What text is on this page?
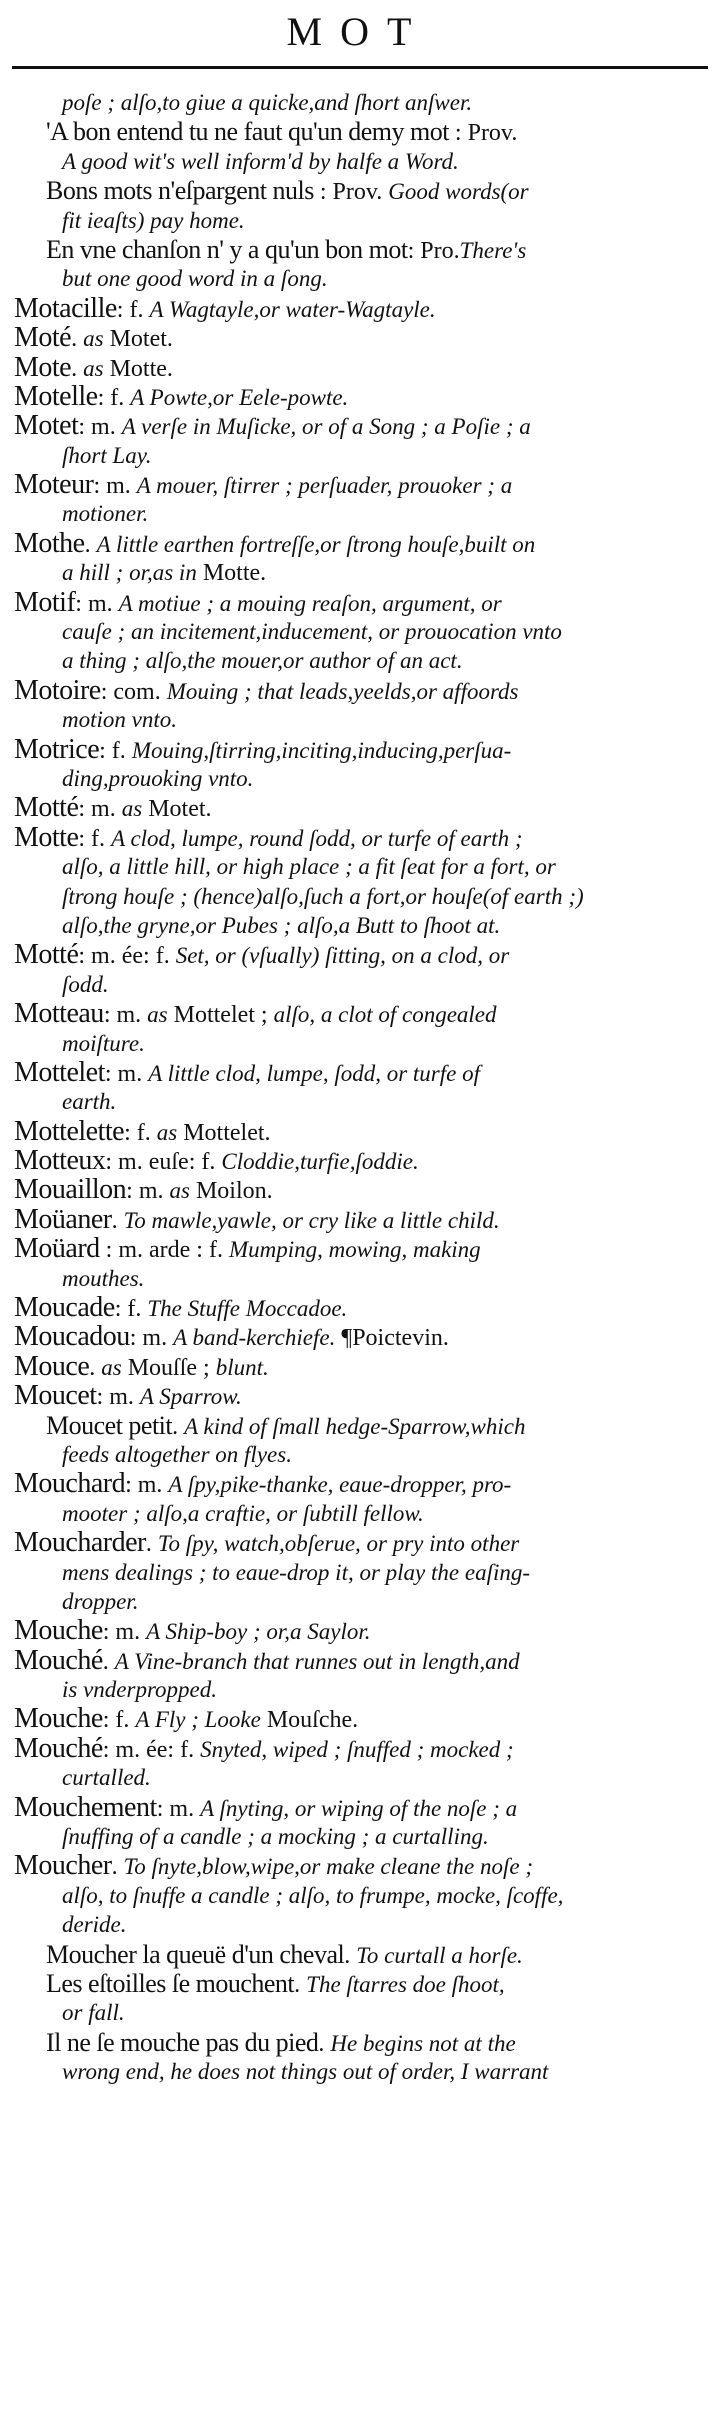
MOT
poſe ; alſo,to giue a quicke,and ſhort anſwer.
'A bon entend tu ne faut qu'un demy mot : Prov.
A good wit's well inform'd by halfe a Word.
Bons mots n'eſpargent nuls : Prov. Good words(or
fit ieaſts) pay home.
En vne chanſon n' y a qu'un bon mot: Pro.There's
but one good word in a ſong.
Motacille: f. A Wagtayle,or water-Wagtayle.
Moté. as Motet.
Mote. as Motte.
Motelle: f. A Powte,or Eele-powte.
Motet: m. A verſe in Muſicke, or of a Song ; a Poſie ; a
ſhort Lay.
Moteur: m. A mouer, ſtirrer ; perſuader, prouoker ; a
motioner.
Mothe. A little earthen fortreſſe,or ſtrong houſe,built on
a hill ; or,as in Motte.
Motif: m. A motiue ; a mouing reaſon, argument, or
cauſe ; an incitement,inducement, or prouocation vnto
a thing ; alſo,the mouer,or author of an act.
Motoire: com. Mouing ; that leads,yeelds,or affoords
motion vnto.
Motrice: f. Mouing,ſtirring,inciting,inducing,perſua-
ding,prouoking vnto.
Motté: m. as Motet.
Motte: f. A clod, lumpe, round ſodd, or turfe of earth ;
alſo, a little hill, or high place ; a fit ſeat for a fort, or
ſtrong houſe ; (hence)alſo,ſuch a fort,or houſe(of earth ;)
alſo,the gryne,or Pubes ; alſo,a Butt to ſhoot at.
Motté: m. ée: f. Set, or (vſually) ſitting, on a clod, or
ſodd.
Motteau: m. as Mottelet ; alſo, a clot of congealed
moiſture.
Mottelet: m. A little clod, lumpe, ſodd, or turfe of
earth.
Mottelette: f. as Mottelet.
Motteux: m. euſe: f. Cloddie,turfie,ſoddie.
Mouaillon: m. as Moilon.
Moüaner. To mawle,yawle, or cry like a little child.
Moüard : m. arde : f. Mumping, mowing, making
mouthes.
Moucade: f. The Stuffe Moccadoe.
Moucadou: m. A band-kerchiefe. ¶Poictevin.
Mouce. as Mouſſe ; blunt.
Moucet: m. A Sparrow.
Moucet petit. A kind of ſmall hedge-Sparrow,which
feeds altogether on flyes.
Mouchard: m. A ſpy,pike-thanke, eaue-dropper, pro-
mooter ; alſo,a craftie, or ſubtill fellow.
Moucharder. To ſpy, watch,obſerue, or pry into other
mens dealings ; to eaue-drop it, or play the eaſing-
dropper.
Mouche: m. A Ship-boy ; or,a Saylor.
Mouché. A Vine-branch that runnes out in length,and
is vnderpropped.
Mouche: f. A Fly ; Looke Mouſche.
Mouché: m. ée: f. Snyted, wiped ; ſnuffed ; mocked ;
curtalled.
Mouchement: m. A ſnyting, or wiping of the noſe ; a
ſnuffing of a candle ; a mocking ; a curtalling.
Moucher. To ſnyte,blow,wipe,or make cleane the noſe ;
alſo, to ſnuffe a candle ; alſo, to frumpe, mocke, ſcoffe,
deride.
Moucher la queuë d'un cheval. To curtall a horſe.
Les eſtoilles ſe mouchent. The ſtarres doe ſhoot,
or fall.
Il ne ſe mouche pas du pied. He begins not at the
wrong end, he does not things out of order, I warrant
